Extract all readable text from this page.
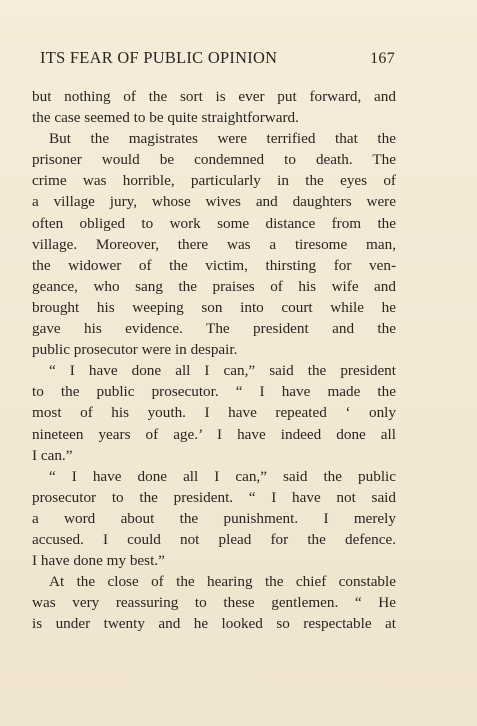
ITS FEAR OF PUBLIC OPINION	167
but nothing of the sort is ever put forward, and
the case seemed to be quite straightforward.
But the magistrates were terrified that the
prisoner would be condemned to death. The
crime was horrible, particularly in the eyes of
a village jury, whose wives and daughters were
often obliged to work some distance from the
village. Moreover, there was a tiresome man,
the widower of the victim, thirsting for ven-
geance, who sang the praises of his wife and
brought his weeping son into court while he
gave his evidence. The president and the
public prosecutor were in despair.
“ I have done all I can,” said the president
to the public prosecutor. “ I have made the
most of his youth. I have repeated ‘ only
nineteen years of age.’ I have indeed done all
I can.”
“ I have done all I can,” said the public
prosecutor to the president. “ I have not said
a word about the punishment. I merely
accused. I could not plead for the defence.
I have done my best.”
At the close of the hearing the chief constable
was very reassuring to these gentlemen. “ He
is under twenty and he looked so respectable at
